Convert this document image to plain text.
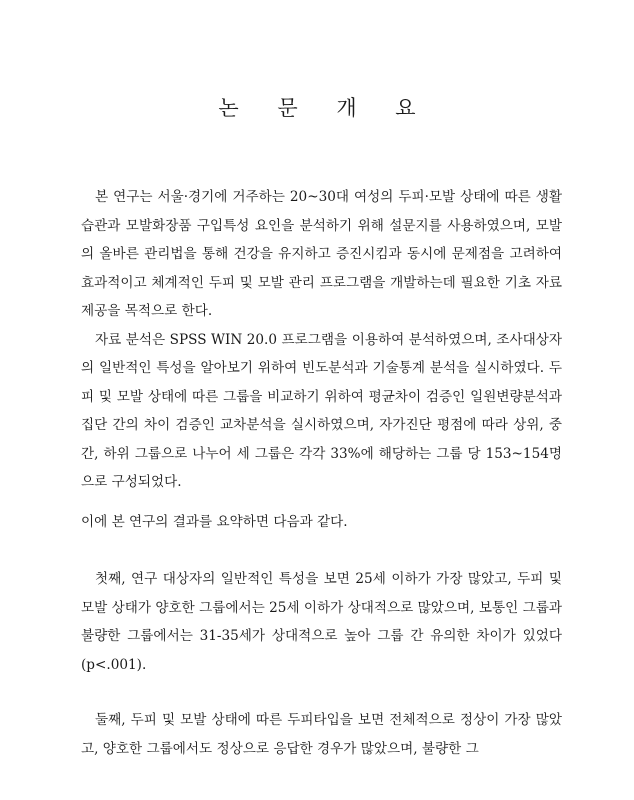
논 문 개 요

본 연구는 서울·경기에 거주하는 20~30대 여성의 두피·모발 상태에 따른 생활습관과 모발화장품 구입특성 요인을 분석하기 위해 설문지를 사용하였으며, 모발의 올바른 관리법을 통해 건강을 유지하고 증진시킴과 동시에 문제점을 고려하여 효과적이고 체계적인 두피 및 모발 관리 프로그램을 개발하는데 필요한 기초 자료제공을 목적으로 한다.

자료 분석은 SPSS WIN 20.0 프로그램을 이용하여 분석하였으며, 조사대상자의 일반적인 특성을 알아보기 위하여 빈도분석과 기술통계 분석을 실시하였다. 두피 및 모발 상태에 따른 그룹을 비교하기 위하여 평균차이 검증인 일원변량분석과 집단 간의 차이 검증인 교차분석을 실시하였으며, 자가진단 평점에 따라 상위, 중간, 하위 그룹으로 나누어 세 그룹은 각각 33%에 해당하는 그룹 당 153~154명으로 구성되었다.

이에 본 연구의 결과를 요약하면 다음과 같다.

첫째, 연구 대상자의 일반적인 특성을 보면 25세 이하가 가장 많았고, 두피 및 모발 상태가 양호한 그룹에서는 25세 이하가 상대적으로 많았으며, 보통인 그룹과 불량한 그룹에서는 31-35세가 상대적으로 높아 그룹 간 유의한 차이가 있었다(p<.001).

둘째, 두피 및 모발 상태에 따른 두피타입을 보면 전체적으로 정상이 가장 많았고, 양호한 그룹에서도 정상으로 응답한 경우가 많았으며, 불량한 그
